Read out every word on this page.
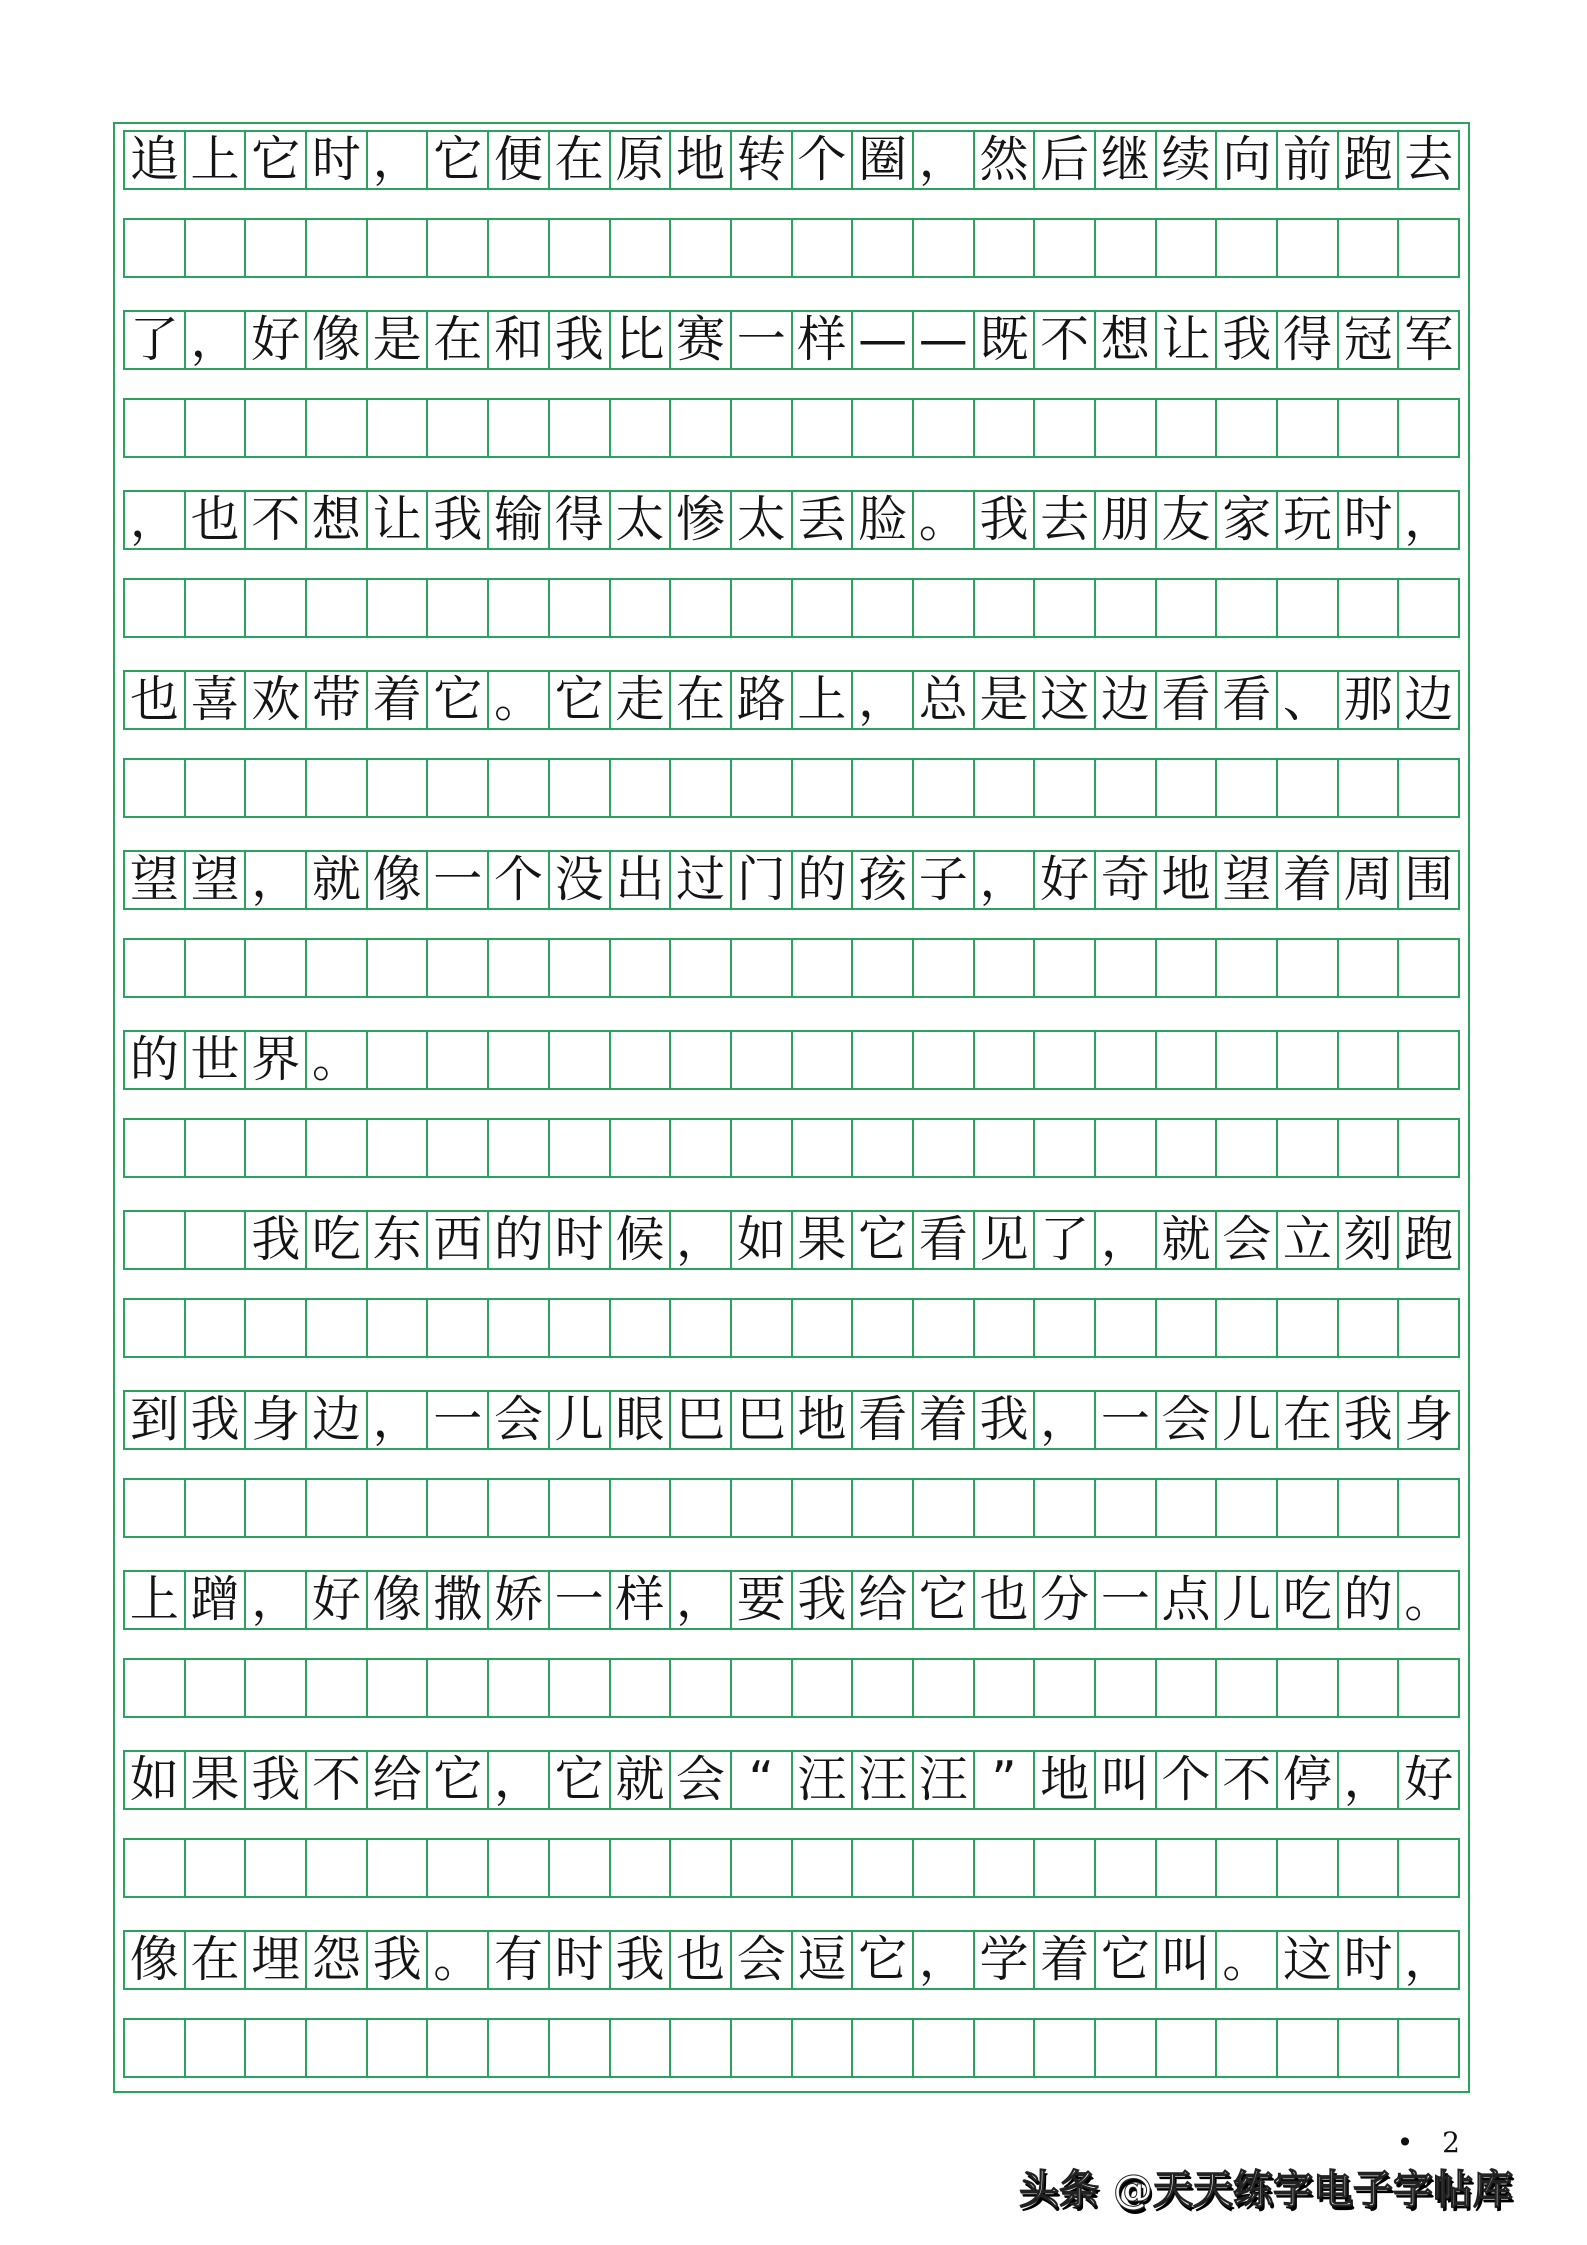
追 上 它 时 ， 它 便 在 原 地 转 个 圈 ， 然 后 继 续 向 前 跑 去
了 ， 好 像 是 在 和 我 比 赛 一 样 — — 既 不 想 让 我 得 冠 军
， 也 不 想 让 我 输 得 太 惨 太 丢 脸 。 我 去 朋 友 家 玩 时 ，
也 喜 欢 带 着 它 。 它 走 在 路 上 ， 总 是 这 边 看 看 、 那 边
望 望 ， 就 像 一 个 没 出 过 门 的 孩 子 ， 好 奇 地 望 着 周 围
的 世 界 。
我 吃 东 西 的 时 候 ， 如 果 它 看 见 了 ， 就 会 立 刻 跑
到 我 身 边 ， 一 会 儿 眼 巴 巴 地 看 着 我 ， 一 会 儿 在 我 身
上 蹭 ， 好 像 撒 娇 一 样 ， 要 我 给 它 也 分 一 点 儿 吃 的 。
如 果 我 不 给 它 ， 它 就 会 “ 汪 汪 汪 ” 地 叫 个 不 停 ， 好
像 在 埋 怨 我 。 有 时 我 也 会 逗 它 ， 学 着 它 叫 。 这 时 ，
• 2
头条 @天天练字电子字帖库
